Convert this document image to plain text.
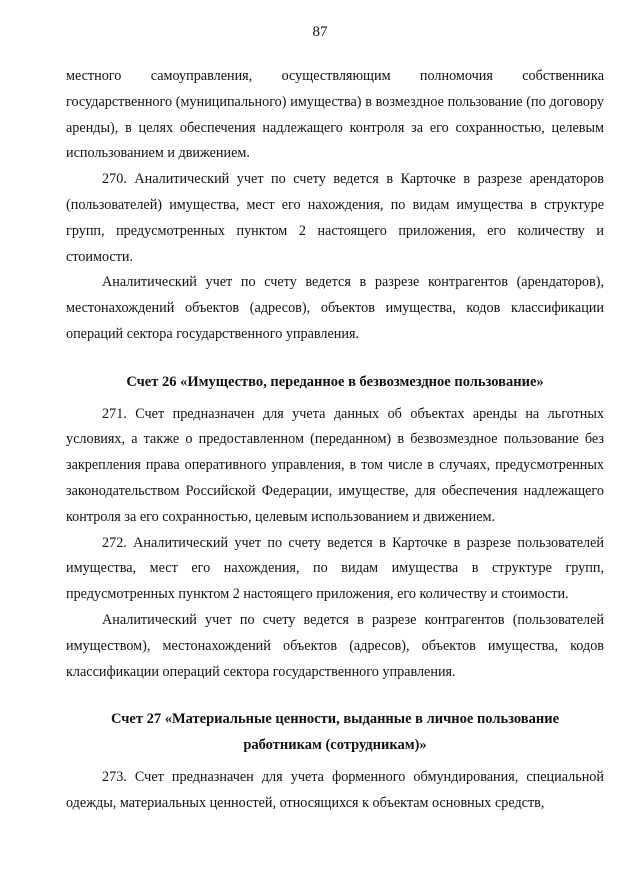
87

местного самоуправления, осуществляющим полномочия собственника государственного (муниципального) имущества) в возмездное пользование (по договору аренды), в целях обеспечения надлежащего контроля за его сохранностью, целевым использованием и движением.

270. Аналитический учет по счету ведется в Карточке в разрезе арендаторов (пользователей) имущества, мест его нахождения, по видам имущества в структуре групп, предусмотренных пунктом 2 настоящего приложения, его количеству и стоимости.

Аналитический учет по счету ведется в разрезе контрагентов (арендаторов), местонахождений объектов (адресов), объектов имущества, кодов классификации операций сектора государственного управления.

Счет 26 «Имущество, переданное в безвозмездное пользование»

271. Счет предназначен для учета данных об объектах аренды на льготных условиях, а также о предоставленном (переданном) в безвозмездное пользование без закрепления права оперативного управления, в том числе в случаях, предусмотренных законодательством Российской Федерации, имуществе, для обеспечения надлежащего контроля за его сохранностью, целевым использованием и движением.

272. Аналитический учет по счету ведется в Карточке в разрезе пользователей имущества, мест его нахождения, по видам имущества в структуре групп, предусмотренных пунктом 2 настоящего приложения, его количеству и стоимости.

Аналитический учет по счету ведется в разрезе контрагентов (пользователей имуществом), местонахождений объектов (адресов), объектов имущества, кодов классификации операций сектора государственного управления.

Счет 27 «Материальные ценности, выданные в личное пользование
работникам (сотрудникам)»

273. Счет предназначен для учета форменного обмундирования, специальной одежды, материальных ценностей, относящихся к объектам основных средств,
